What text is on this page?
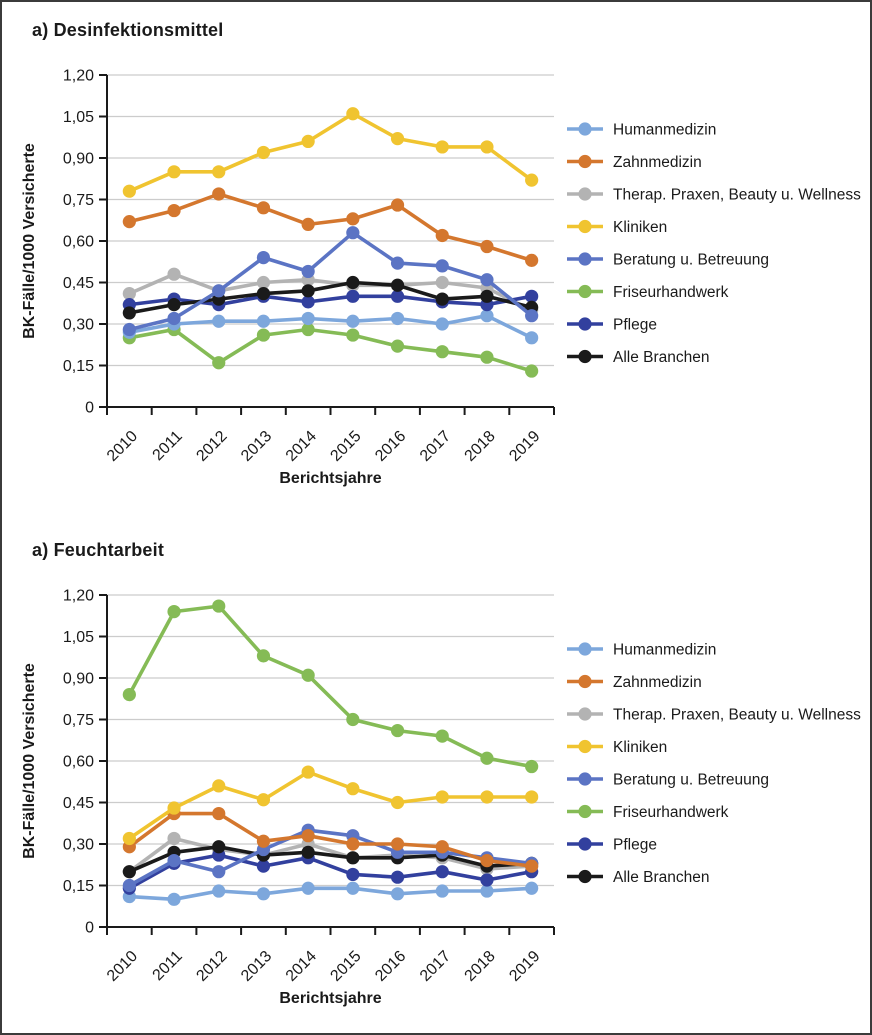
a) Desinfektionsmittel
0
0,15
0,30
0,45
0,60
0,75
0,90
1,05
1,20
2010 2011 2012 2013 2014 2015 2016 2017 2018 2019
Berichtsjahre
BK-Fälle/1000 Versicherte
Humanmedizin
Zahnmedizin
Therap. Praxen, Beauty u. Wellness
Kliniken
Beratung u. Betreuung
Friseurhandwerk
Pflege
Alle Branchen
a) Feuchtarbeit
0
0,15
0,30
0,45
0,60
0,75
0,90
1,05
1,20
2010 2011 2012 2013 2014 2015 2016 2017 2018 2019
Berichtsjahre
BK-Fälle/1000 Versicherte
Humanmedizin
Zahnmedizin
Therap. Praxen, Beauty u. Wellness
Kliniken
Beratung u. Betreuung
Friseurhandwerk
Pflege
Alle Branchen
